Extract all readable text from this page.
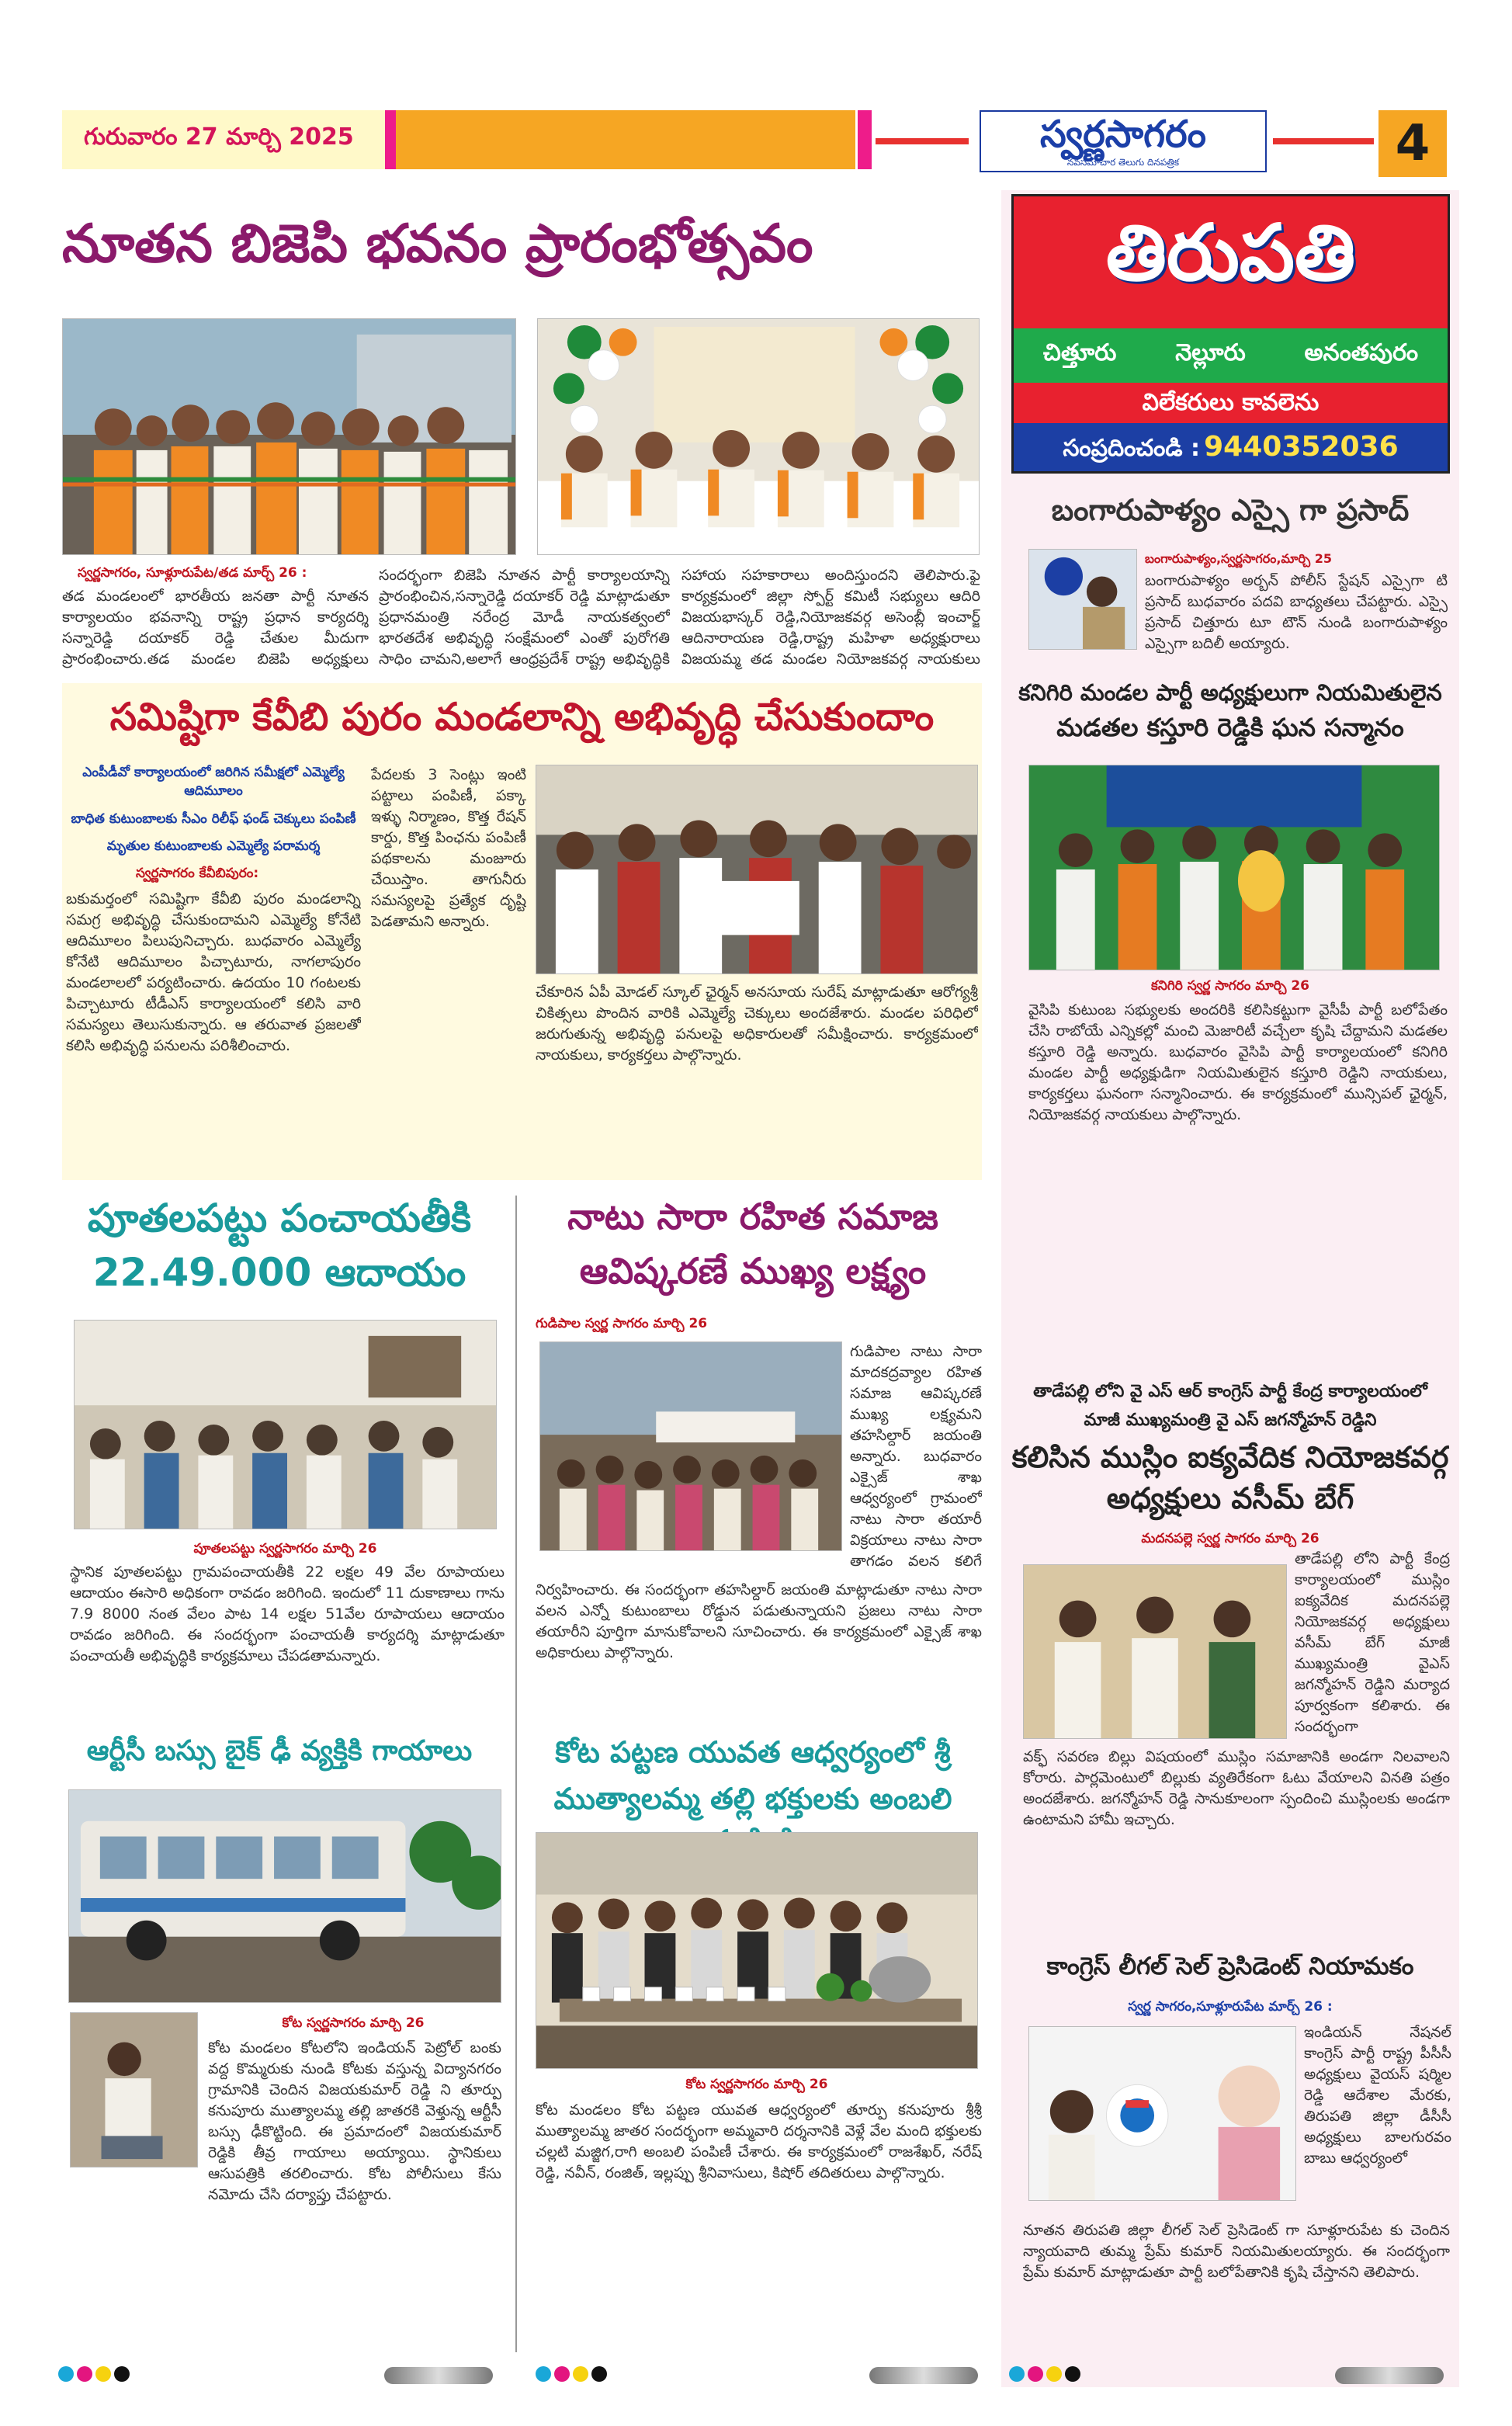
గురువారం 27 మార్చి 2025	స్వర్ణసాగరం
నవసమాచార తెలుగు దినపత్రిక	4
తిరుపతి
చిత్తూరు	నెల్లూరు	అనంతపురం
విలేకరులు కావలెను
సంప్రదించండి : 9440352036
నూతన బిజెపి భవనం ప్రారంభోత్సవం
స్వర్ణసాగరం, సూళ్లూరుపేట/తడ మార్చ్ 26 :
తడ మండలంలో భారతీయ జనతా పార్టీ నూతన కార్యాలయం భవనాన్ని రాష్ట్ర ప్రధాన కార్యదర్శి సన్నారెడ్డి దయాకర్ రెడ్డి చేతుల మీదుగా ప్రారంభించారు.తడ మండల బిజెపి అధ్యక్షులు
సందర్భంగా బిజెపి నూతన పార్టీ కార్యాలయాన్ని ప్రారంభించిన,సన్నారెడ్డి దయాకర్ రెడ్డి మాట్లాడుతూ ప్రధానమంత్రి నరేంద్ర మోడీ నాయకత్వంలో భారతదేశ అభివృద్ధి సంక్షేమంలో ఎంతో పురోగతి సాధిం చామని,అలాగే ఆంధ్రప్రదేశ్ రాష్ట్ర అభివృద్ధికి
సహాయ సహకారాలు అందిస్తుందని తెలిపారు.ఫై కార్యక్రమంలో జిల్లా స్పోర్ట్ కమిటీ సభ్యులు ఆదిరి విజయభాస్కర్ రెడ్డి,నియోజకవర్గ అసెంబ్లీ ఇంచార్జ్ ఆదినారాయణ రెడ్డి,రాష్ట్ర మహిళా అధ్యక్షురాలు విజయమ్మ తడ మండల నియోజకవర్గ నాయకులు
సమిష్టిగా కేవీబి పురం మండలాన్ని అభివృద్ధి చేసుకుందాం
ఎంపీడీవో కార్యాలయంలో జరిగిన సమీక్షలో ఎమ్మెల్యే ఆదిమూలం
బాధిత కుటుంబాలకు సీఎం రిలీఫ్ ఫండ్ చెక్కులు పంపిణీ
మృతుల కుటుంబాలకు ఎమ్మెల్యే పరామర్శ
స్వర్ణసాగరం కేవీబిపురం:
బకుమర్తంలో సమిష్టిగా కేవీబి పురం మండలాన్ని సమగ్ర అభివృద్ధి చేసుకుందామని ఎమ్మెల్యే కోనేటి ఆదిమూలం పిలుపునిచ్చారు. బుధవారం ఎమ్మెల్యే కోనేటి ఆదిమూలం పిచ్చాటూరు, నాగలాపురం మండలాలలో పర్యటించారు. ఉదయం 10 గంటలకు పిచ్చాటూరు టీడీఎస్ కార్యాలయంలో కలిసి వారి సమస్యలు తెలుసుకున్నారు. ఆ తరువాత ప్రజలతో కలిసి అభివృద్ధి పనులను పరిశీలించారు.
పేదలకు 3 సెంట్లు ఇంటి పట్టాలు పంపిణీ, పక్కా ఇళ్ళు నిర్మాణం, కొత్త రేషన్ కార్డు, కొత్త పింఛను పంపిణీ పథకాలను మంజూరు చేయిస్తాం. తాగునీరు సమస్యలపై ప్రత్యేక దృష్టి పెడతామని అన్నారు.
చేకూరిన ఏపీ మోడల్ స్కూల్ ఛైర్మన్ అనసూయ సురేష్ మాట్లాడుతూ ఆరోగ్యశ్రీ చికిత్సలు పొందిన వారికి ఎమ్మెల్యే చెక్కులు అందజేశారు. మండల పరిధిలో జరుగుతున్న అభివృద్ధి పనులపై అధికారులతో సమీక్షించారు. కార్యక్రమంలో నాయకులు, కార్యకర్తలు పాల్గొన్నారు.
పూతలపట్టు పంచాయతీకి
22.49.000 ఆదాయం
పూతలపట్టు స్వర్ణసాగరం మార్చి 26
స్థానిక పూతలపట్టు గ్రామపంచాయతీకి 22 లక్షల 49 వేల రూపాయలు ఆదాయం ఈసారి అధికంగా రావడం జరిగింది. ఇందులో 11 దుకాణాలు గాను 7.9 8000 నంత వేలం పాట 14 లక్షల 51వేల రూపాయలు ఆదాయం రావడం జరిగింది. ఈ సందర్భంగా పంచాయతీ కార్యదర్శి మాట్లాడుతూ పంచాయతీ అభివృద్ధికి కార్యక్రమాలు చేపడతామన్నారు.
ఆర్టీసీ బస్సు బైక్ ఢీ వ్యక్తికి గాయాలు
కోట స్వర్ణసాగరం మార్చి 26
కోట మండలం కోటలోని ఇండియన్ పెట్రోల్ బంకు వద్ద కొమ్మరుకు నుండి కోటకు వస్తున్న విద్యానగరం గ్రామానికి చెందిన విజయకుమార్ రెడ్డి ని తూర్పు కనుపూరు ముత్యాలమ్మ తల్లి జాతరకి వెళ్తున్న ఆర్టీసీ బస్సు ఢీకొట్టింది. ఈ ప్రమాదంలో విజయకుమార్ రెడ్డికి తీవ్ర గాయాలు అయ్యాయి. స్థానికులు ఆసుపత్రికి తరలించారు. కోట పోలీసులు కేసు నమోదు చేసి దర్యాప్తు చేపట్టారు.
నాటు సారా రహిత సమాజ
ఆవిష్కరణే ముఖ్య లక్ష్యం
గుడిపాల స్వర్ణ సాగరం మార్చి 26
గుడిపాల నాటు సారా మాదకద్రవ్యాల రహిత సమాజ ఆవిష్కరణే ముఖ్య లక్ష్యమని తహసిల్దార్ జయంతి అన్నారు. బుధవారం ఎక్సైజ్ శాఖ ఆధ్వర్యంలో గ్రామంలో నాటు సారా తయారీ విక్రయాలు నాటు సారా తాగడం వలన కలిగే
నిర్వహించారు. ఈ సందర్భంగా తహసిల్దార్ జయంతి మాట్లాడుతూ నాటు సారా వలన ఎన్నో కుటుంబాలు రోడ్డున పడుతున్నాయని ప్రజలు నాటు సారా తయారీని పూర్తిగా మానుకోవాలని సూచించారు. ఈ కార్యక్రమంలో ఎక్సైజ్ శాఖ అధికారులు పాల్గొన్నారు.
కోట పట్టణ యువత ఆధ్వర్యంలో శ్రీ
ముత్యాలమ్మ తల్లి భక్తులకు అంబలి
కోట స్వర్ణసాగరం మార్చి 26
కోట మండలం కోట పట్టణ యువత ఆధ్వర్యంలో తూర్పు కనుపూరు శ్రీశ్రీ ముత్యాలమ్మ జాతర సందర్భంగా అమ్మవారి దర్శనానికి వెళ్లే వేల మంది భక్తులకు చల్లటి మజ్జిగ,రాగి అంబలి పంపిణీ చేశారు. ఈ కార్యక్రమంలో రాజశేఖర్, నరేష్ రెడ్డి, నవీన్, రంజిత్, ఇల్లప్పు శ్రీనివాసులు, కిషోర్ తదితరులు పాల్గొన్నారు.
బంగారుపాళ్యం ఎస్సై గా ప్రసాద్
బంగారుపాళ్యం,స్వర్ణసాగరం,మార్చి 25
బంగారుపాళ్యం అర్బన్ పోలీస్ స్టేషన్ ఎస్సైగా టి ప్రసాద్ బుధవారం పదవి బాధ్యతలు చేపట్టారు. ఎస్సై ప్రసాద్ చిత్తూరు టూ టౌన్ నుండి బంగారుపాళ్యం ఎస్సైగా బదిలీ అయ్యారు.
కనిగిరి మండల పార్టీ అధ్యక్షులుగా నియమితులైన
మడతల కస్తూరి రెడ్డికి ఘన సన్మానం
కనిగిరి స్వర్ణ సాగరం మార్చి 26
వైసిపి కుటుంబ సభ్యులకు అందరికి కలిసికట్టుగా వైసీపీ పార్టీ బలోపేతం చేసి రాబోయే ఎన్నికల్లో మంచి మెజారిటీ వచ్చేలా కృషి చేద్దామని మడతల కస్తూరి రెడ్డి అన్నారు. బుధవారం వైసిపి పార్టీ కార్యాలయంలో కనిగిరి మండల పార్టీ అధ్యక్షుడిగా నియమితులైన కస్తూరి రెడ్డిని నాయకులు, కార్యకర్తలు ఘనంగా సన్మానించారు. ఈ కార్యక్రమంలో మున్సిపల్ ఛైర్మన్, నియోజకవర్గ నాయకులు పాల్గొన్నారు.
తాడేపల్లి లోని వై ఎస్ ఆర్ కాంగ్రెస్ పార్టీ కేంద్ర కార్యాలయంలో
మాజీ ముఖ్యమంత్రి వై ఎస్ జగన్మోహన్ రెడ్డిని
కలిసిన ముస్లిం ఐక్యవేదిక నియోజకవర్గ
అధ్యక్షులు వసీమ్ బేగ్
మదనపల్లె స్వర్ణ సాగరం మార్చి 26
తాడేపల్లి లోని పార్టీ కేంద్ర కార్యాలయంలో ముస్లిం ఐక్యవేదిక మదనపల్లె నియోజకవర్గ అధ్యక్షులు వసీమ్ బేగ్ మాజీ ముఖ్యమంత్రి వైఎస్ జగన్మోహన్ రెడ్డిని మర్యాద పూర్వకంగా కలిశారు. ఈ సందర్భంగా
వక్ఫ్ సవరణ బిల్లు విషయంలో ముస్లిం సమాజానికి అండగా నిలవాలని కోరారు. పార్లమెంటులో బిల్లుకు వ్యతిరేకంగా ఓటు వేయాలని వినతి పత్రం అందజేశారు. జగన్మోహన్ రెడ్డి సానుకూలంగా స్పందించి ముస్లింలకు అండగా ఉంటామని హామీ ఇచ్చారు.
కాంగ్రెస్ లీగల్ సెల్ ప్రెసిడెంట్ నియామకం
స్వర్ణ సాగరం,సూళ్లూరుపేట మార్చ్ 26 :
ఇండియన్ నేషనల్ కాంగ్రెస్ పార్టీ రాష్ట్ర పీసీసీ అధ్యక్షులు వైయస్ షర్మిల రెడ్డి ఆదేశాల మేరకు, తిరుపతి జిల్లా డీసీసీ అధ్యక్షులు బాలగురవం బాబు ఆధ్వర్యంలో
నూతన తిరుపతి జిల్లా లీగల్ సెల్ ప్రెసిడెంట్ గా సూళ్లూరుపేట కు చెందిన న్యాయవాది తుమ్మ ప్రేమ్ కుమార్ నియమితులయ్యారు. ఈ సందర్భంగా ప్రేమ్ కుమార్ మాట్లాడుతూ పార్టీ బలోపేతానికి కృషి చేస్తానని తెలిపారు.
